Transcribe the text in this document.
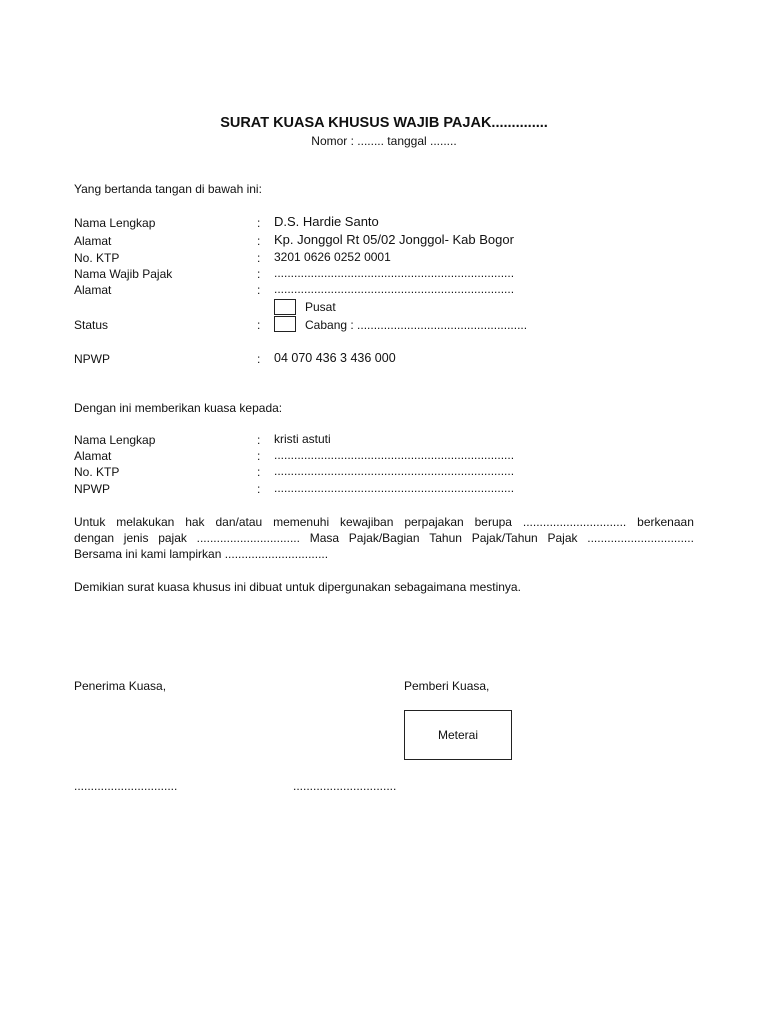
SURAT KUASA KHUSUS WAJIB PAJAK..............
Nomor : ........ tanggal ........
Yang bertanda tangan di bawah ini:
Nama Lengkap	: D.S. Hardie Santo
Alamat	: Kp. Jonggol Rt 05/02 Jonggol- Kab Bogor
No. KTP	: 3201 0626 0252 0001
Nama Wajib Pajak	: ........................................................................
Alamat	: ........................................................................
Pusat
Status	:	Cabang : ...................................................
NPWP	: 04 070 436 3 436 000
Dengan ini memberikan kuasa kepada:
Nama Lengkap	: kristi astuti
Alamat	: ........................................................................
No. KTP	: ........................................................................
NPWP	: ........................................................................
Untuk melakukan hak dan/atau memenuhi kewajiban perpajakan berupa ............................... berkenaan
dengan jenis pajak ............................... Masa Pajak/Bagian Tahun Pajak/Tahun Pajak ................................
Bersama ini kami lampirkan ...............................
Demikian surat kuasa khusus ini dibuat untuk dipergunakan sebagaimana mestinya.
Penerima Kuasa,	Pemberi Kuasa,
Meterai
...............................	...............................
